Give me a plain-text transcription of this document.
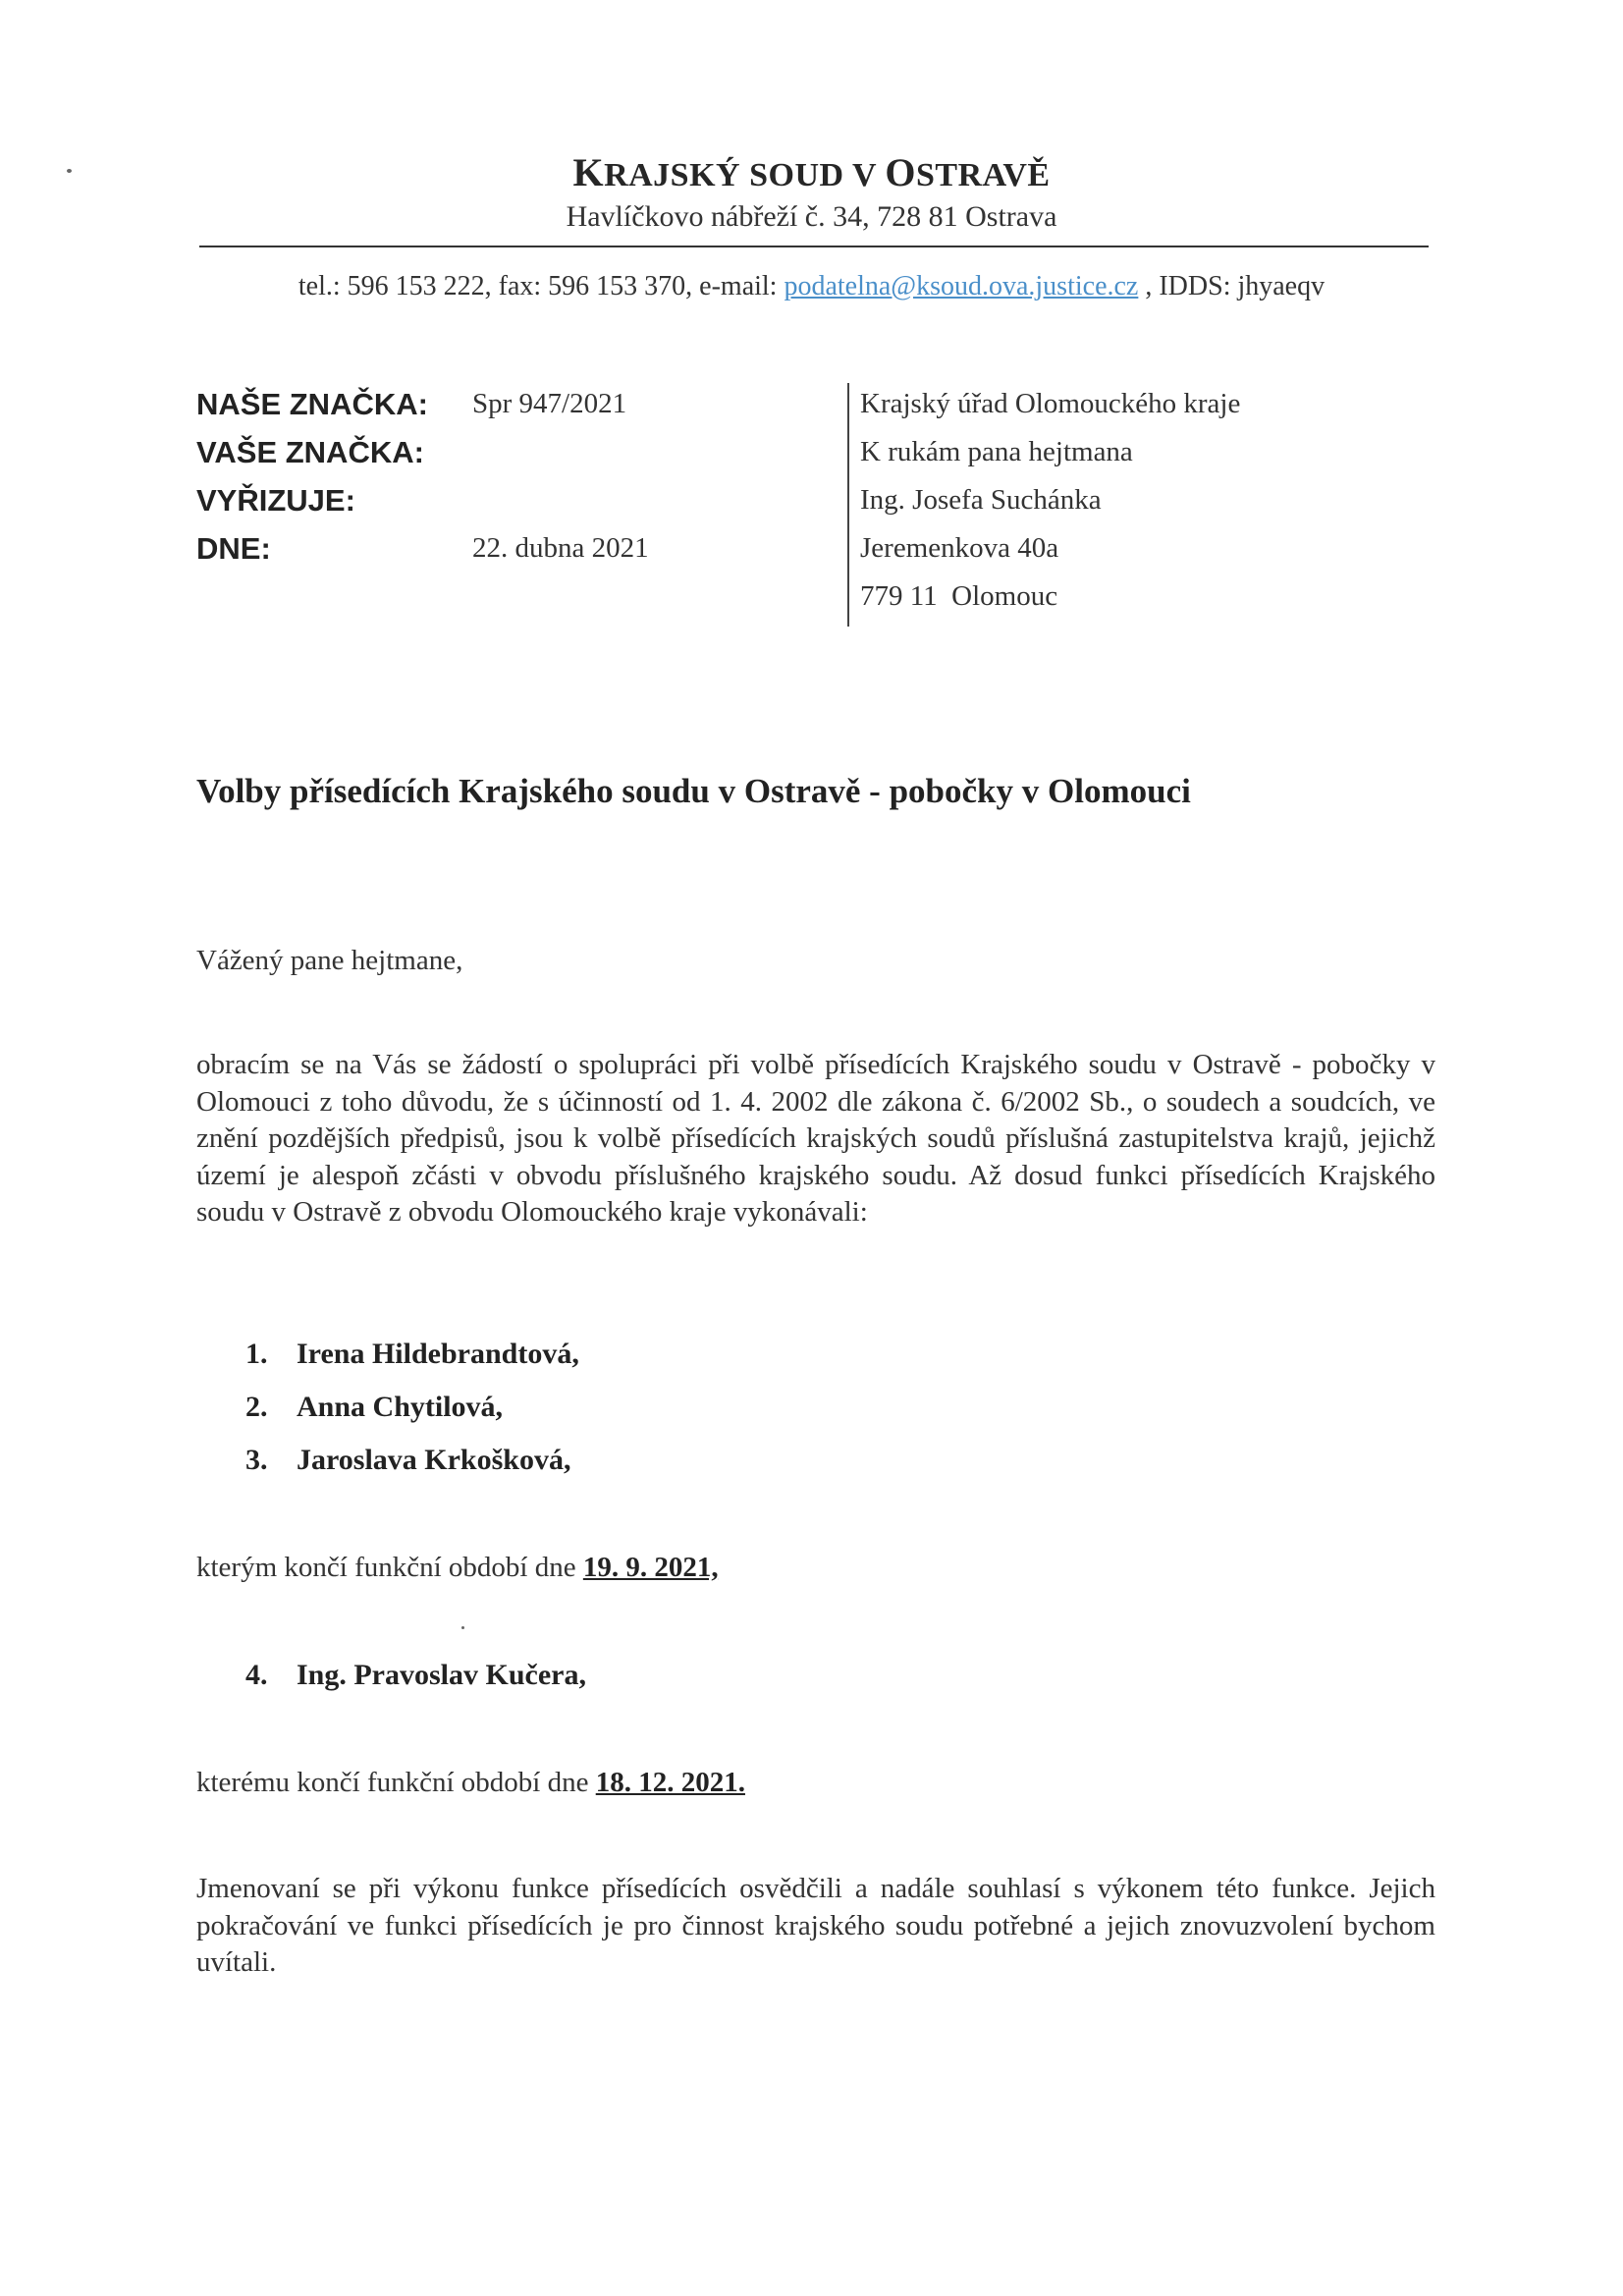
KRAJSKÝ SOUD V OSTRAVĚ
Havlíčkovo nábřeží č. 34, 728 81 Ostrava
tel.: 596 153 222, fax: 596 153 370, e-mail: podatelna@ksoud.ova.justice.cz , IDDS: jhyaeqv
NAŠE ZNAČKA: Spr 947/2021
VAŠE ZNAČKA:
VYŘIZUJE:
DNE:	22. dubna 2021
Krajský úřad Olomouckého kraje
K rukám pana hejtmana
Ing. Josefa Suchánka
Jeremenkova 40a
779 11  Olomouc
Volby přísedících Krajského soudu v Ostravě - pobočky v Olomouci
Vážený pane hejtmane,
obracím se na Vás se žádostí o spolupráci při volbě přísedících Krajského soudu v Ostravě - pobočky v Olomouci z toho důvodu, že s účinností od 1. 4. 2002 dle zákona č. 6/2002 Sb., o soudech a soudcích, ve znění pozdějších předpisů, jsou k volbě přísedících krajských soudů příslušná zastupitelstva krajů, jejichž území je alespoň zčásti v obvodu příslušného krajského soudu. Až dosud funkci přísedících Krajského soudu v Ostravě z obvodu Olomouckého kraje vykonávali:
1. Irena Hildebrandtová,
2. Anna Chytilová,
3. Jaroslava Krkošková,
kterým končí funkční období dne 19. 9. 2021,
4. Ing. Pravoslav Kučera,
kterému končí funkční období dne 18. 12. 2021.
Jmenovaní se při výkonu funkce přísedících osvědčili a nadále souhlasí s výkonem této funkce. Jejich pokračování ve funkci přísedících je pro činnost krajského soudu potřebné a jejich znovuzvolení bychom uvítali.
